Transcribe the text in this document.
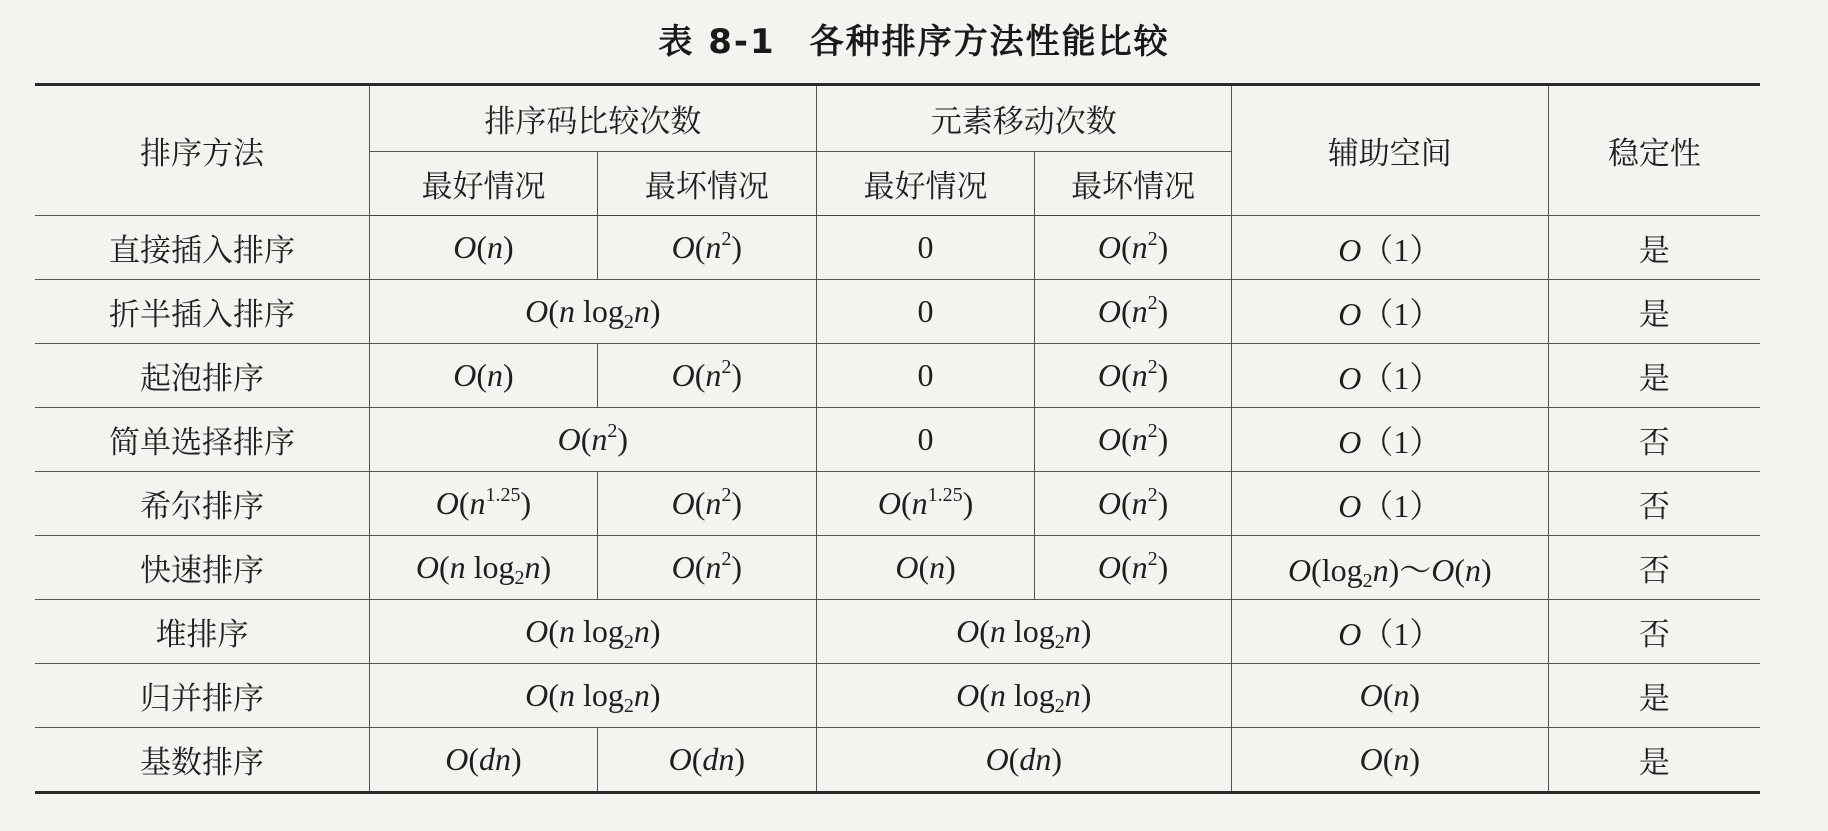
表 8-1 各种排序方法性能比较
排序方法	排序码比较次数		元素移动次数		辅助空间	稳定性
	最好情况	最坏情况	最好情况	最坏情况		
直接插入排序	O(n)	$O(n^2)$	0	$O(n^2)$	O（1）	是
折半插入排序	O(n $\log_2n$)		0	$O(n^2)$	O（1）	是
起泡排序	O(n)	$O(n^2)$	0	$O(n^2)$	O（1）	是
简单选择排序	$O(n^2)$		0	$O(n^2)$	O（1）	否
希尔排序	$O(n^{1.25})$	$O(n^2)$	$O(n^{1.25})$	$O(n^2)$	O（1）	否
快速排序	O(n $\log_2n$)	$O(n^2)$	O(n)	$O(n^2)$	$O(\log_2n)\sim O(n)$	否
堆排序	O(n $\log_2n$)		O(n $\log_2n$)		O（1）	否
归并排序	O(n $\log_2n$)		O(n $\log_2n$)		O(n)	是
基数排序	O(dn)	O(dn)	O(dn)		O(n)	是
